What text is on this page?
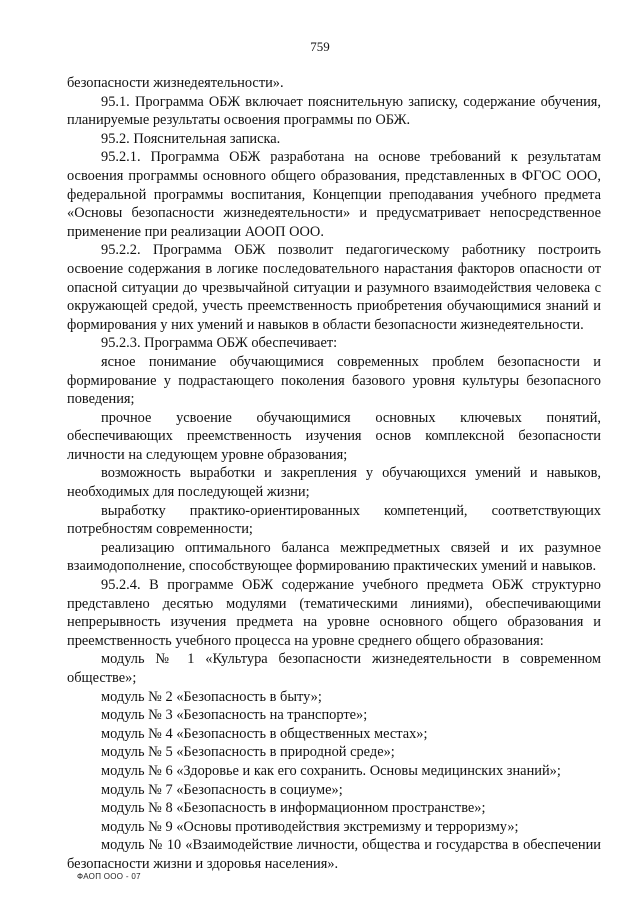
759

безопасности жизнедеятельности».

95.1. Программа ОБЖ включает пояснительную записку, содержание обучения, планируемые результаты освоения программы по ОБЖ.

95.2. Пояснительная записка.

95.2.1. Программа ОБЖ разработана на основе требований к результатам освоения программы основного общего образования, представленных в ФГОС ООО, федеральной программы воспитания, Концепции преподавания учебного предмета «Основы безопасности жизнедеятельности» и предусматривает непосредственное применение при реализации АООП ООО.

95.2.2. Программа ОБЖ позволит педагогическому работнику построить освоение содержания в логике последовательного нарастания факторов опасности от опасной ситуации до чрезвычайной ситуации и разумного взаимодействия человека с окружающей средой, учесть преемственность приобретения обучающимися знаний и формирования у них умений и навыков в области безопасности жизнедеятельности.

95.2.3. Программа ОБЖ обеспечивает:

ясное понимание обучающимися современных проблем безопасности и формирование у подрастающего поколения базового уровня культуры безопасного поведения;

прочное усвоение обучающимися основных ключевых понятий, обеспечивающих преемственность изучения основ комплексной безопасности личности на следующем уровне образования;

возможность выработки и закрепления у обучающихся умений и навыков, необходимых для последующей жизни;

выработку практико-ориентированных компетенций, соответствующих потребностям современности;

реализацию оптимального баланса межпредметных связей и их разумное взаимодополнение, способствующее формированию практических умений и навыков.

95.2.4. В программе ОБЖ содержание учебного предмета ОБЖ структурно представлено десятью модулями (тематическими линиями), обеспечивающими непрерывность изучения предмета на уровне основного общего образования и преемственность учебного процесса на уровне среднего общего образования:

модуль № 1 «Культура безопасности жизнедеятельности в современном обществе»;

модуль № 2 «Безопасность в быту»;

модуль № 3 «Безопасность на транспорте»;

модуль № 4 «Безопасность в общественных местах»;

модуль № 5 «Безопасность в природной среде»;

модуль № 6 «Здоровье и как его сохранить. Основы медицинских знаний»;

модуль № 7 «Безопасность в социуме»;

модуль № 8 «Безопасность в информационном пространстве»;

модуль № 9 «Основы противодействия экстремизму и терроризму»;

модуль № 10 «Взаимодействие личности, общества и государства в обеспечении безопасности жизни и здоровья населения».

ФАОП ООО - 07
